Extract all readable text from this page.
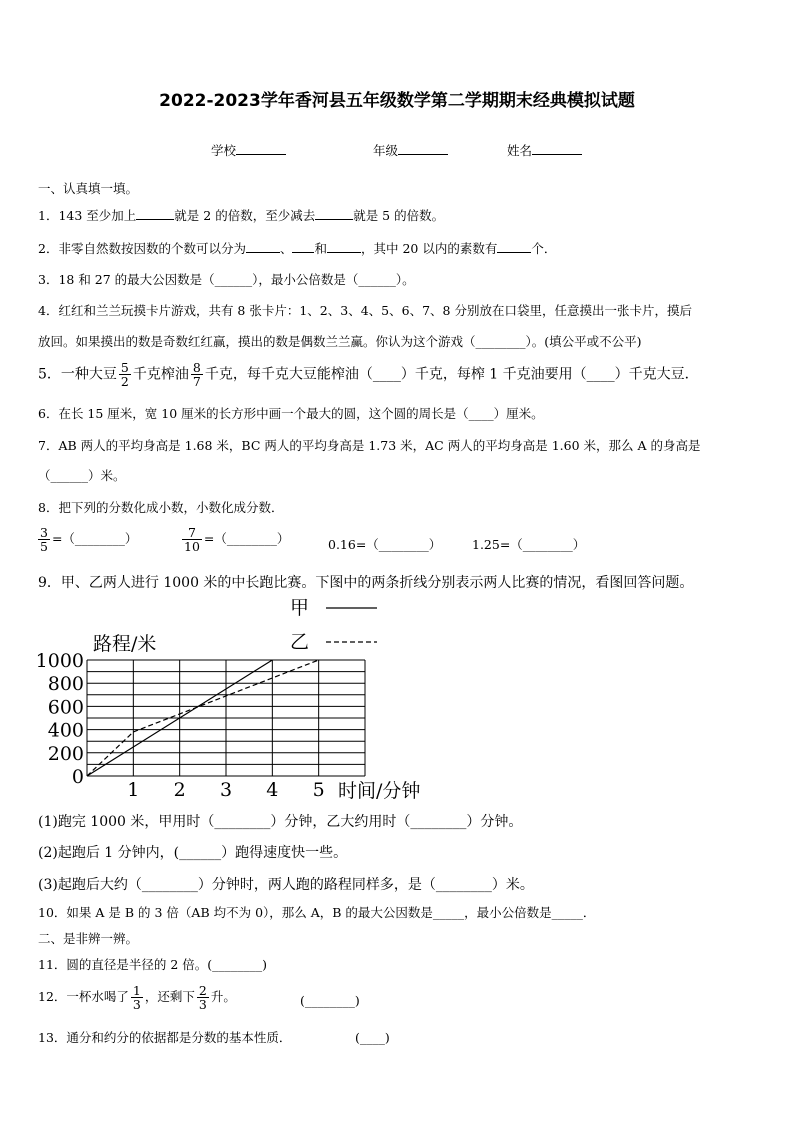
2022-2023学年香河县五年级数学第二学期期末经典模拟试题
学校	年级	姓名
一、认真填一填。
1．143 至少加上	就是 2 的倍数，至少减去	就是 5 的倍数。
2．非零自然数按因数的个数可以分为	、 和	，其中 20 以内的素数有	个．
3．18 和 27 的最大公因数是（______），最小公倍数是（______）。
4．红红和兰兰玩摸卡片游戏，共有 8 张卡片：1、2、3、4、5、6、7、8 分别放在口袋里，任意摸出一张卡片，摸后
放回。如果摸出的数是奇数红红赢，摸出的数是偶数兰兰赢。你认为这个游戏（________）。(填公平或不公平)
5．一种大豆 $\frac{5}{2}$ 千克榨油 $\frac{8}{7}$ 千克，每千克大豆能榨油（____）千克，每榨 1 千克油要用（____）千克大豆．
6．在长 15 厘米，宽 10 厘米的长方形中画一个最大的圆，这个圆的周长是（____）厘米。
7．AB 两人的平均身高是 1.68 米，BC 两人的平均身高是 1.73 米，AC 两人的平均身高是 1.60 米，那么 A 的身高是
（______）米。
8．把下列的分数化成小数，小数化成分数．
$\frac{3}{5}$ =（________）	$\frac{7}{10}$ =（________）	0.16=（________） 1.25=（________）
9．甲、乙两人进行 1000 米的中长跑比赛。下图中的两条折线分别表示两人比赛的情况，看图回答问题。
0
200
400
600
800
1000
1 2 3 4 5
路程/米
时间/分钟
甲
乙
(1)跑完 1000 米，甲用时（________）分钟，乙大约用时（________）分钟。
(2)起跑后 1 分钟内，(______）跑得速度快一些。
(3)起跑后大约（________）分钟时，两人跑的路程同样多，是（________）米。
10．如果 A 是 B 的 3 倍（AB 均不为 0），那么 A，B 的最大公因数是_____，最小公倍数是_____．
二、是非辨一辨。
11．圆的直径是半径的 2 倍。(________)
12．一杯水喝了 $\frac{1}{3}$ ，还剩下 $\frac{2}{3}$ 升。	(________)
13．通分和约分的依据都是分数的基本性质．	(____)
